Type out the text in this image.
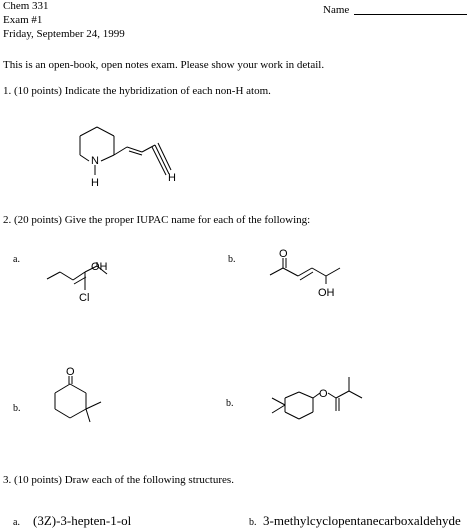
Chem 331
Exam #1
Friday, September 24, 1999
Name
This is an open-book, open notes exam. Please show your work in detail.
1. (10 points) Indicate the hybridization of each non-H atom.
N
H	H
2. (20 points) Give the proper IUPAC name for each of the following:
a.
OH
Cl
b.	O
OH
b.
O
b.
O
3. (10 points) Draw each of the following structures.
a. (3Z)-3-hepten-1-ol	b. 3-methylcyclopentanecarboxaldehyde
